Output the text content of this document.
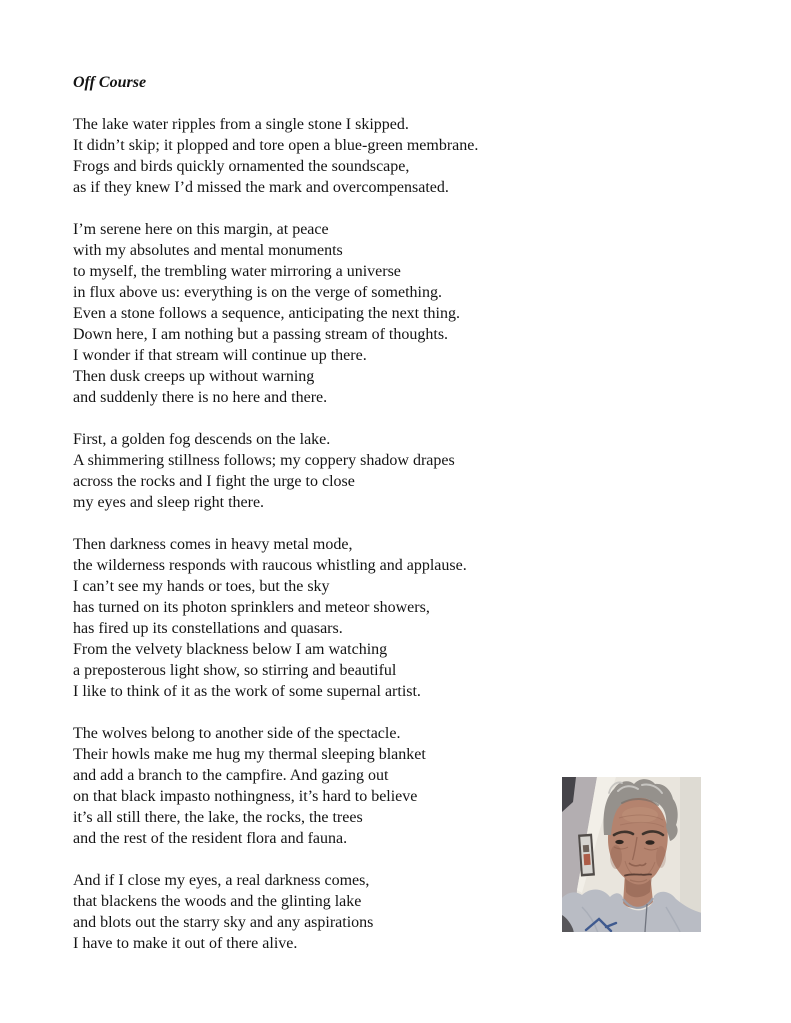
Off Course

The lake water ripples from a single stone I skipped.
It didn’t skip; it plopped and tore open a blue-green membrane.
Frogs and birds quickly ornamented the soundscape,
as if they knew I’d missed the mark and overcompensated.

I’m serene here on this margin, at peace
with my absolutes and mental monuments
to myself, the trembling water mirroring a universe
in flux above us: everything is on the verge of something.
Even a stone follows a sequence, anticipating the next thing.
Down here, I am nothing but a passing stream of thoughts.
I wonder if that stream will continue up there.
Then dusk creeps up without warning
and suddenly there is no here and there.

First, a golden fog descends on the lake.
A shimmering stillness follows; my coppery shadow drapes
across the rocks and I fight the urge to close
my eyes and sleep right there.

Then darkness comes in heavy metal mode,
the wilderness responds with raucous whistling and applause.
I can’t see my hands or toes, but the sky
has turned on its photon sprinklers and meteor showers,
has fired up its constellations and quasars.
From the velvety blackness below I am watching
a preposterous light show, so stirring and beautiful
I like to think of it as the work of some supernal artist.

The wolves belong to another side of the spectacle.
Their howls make me hug my thermal sleeping blanket
and add a branch to the campfire. And gazing out
on that black impasto nothingness, it’s hard to believe
it’s all still there, the lake, the rocks, the trees
and the rest of the resident flora and fauna.

And if I close my eyes, a real darkness comes,
that blackens the woods and the glinting lake
and blots out the starry sky and any aspirations
I have to make it out of there alive.
